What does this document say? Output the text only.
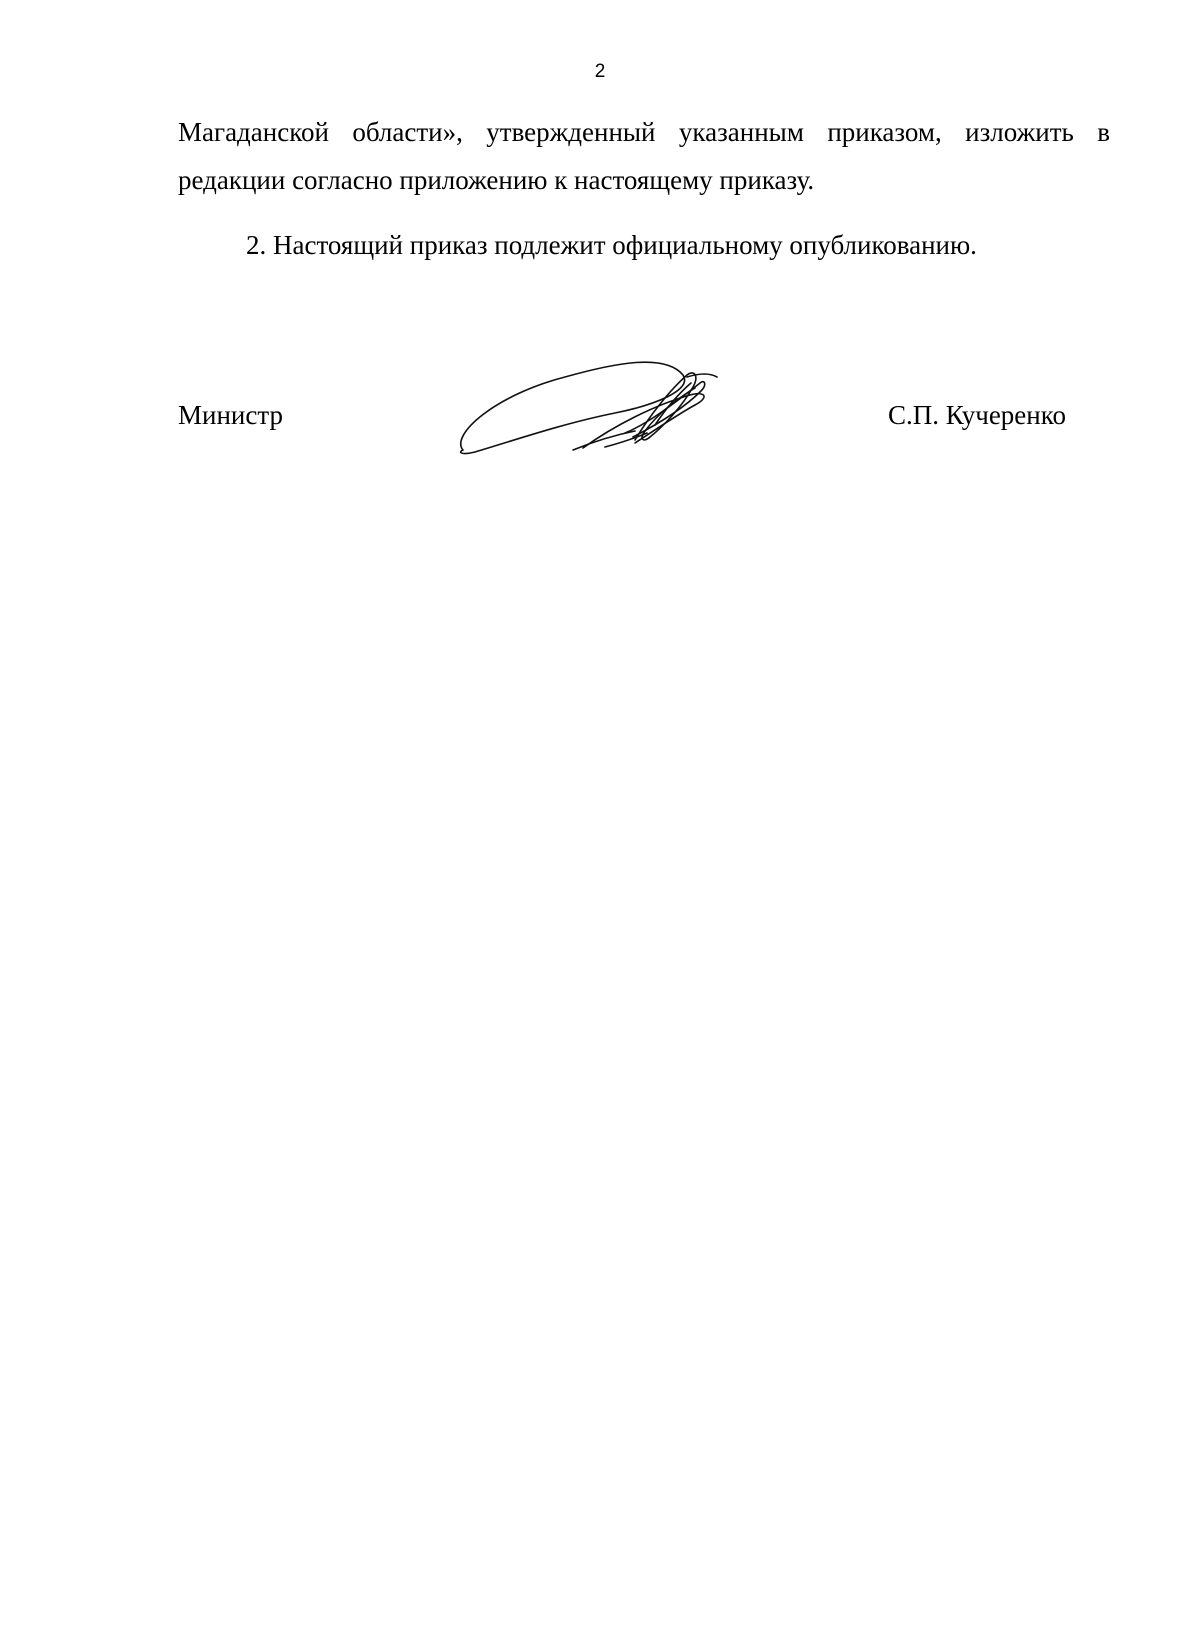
2

Магаданской области», утвержденный указанным приказом, изложить в

редакции согласно приложению к настоящему приказу.

2. Настоящий приказ подлежит официальному опубликованию.

Министр	С.П. Кучеренко
